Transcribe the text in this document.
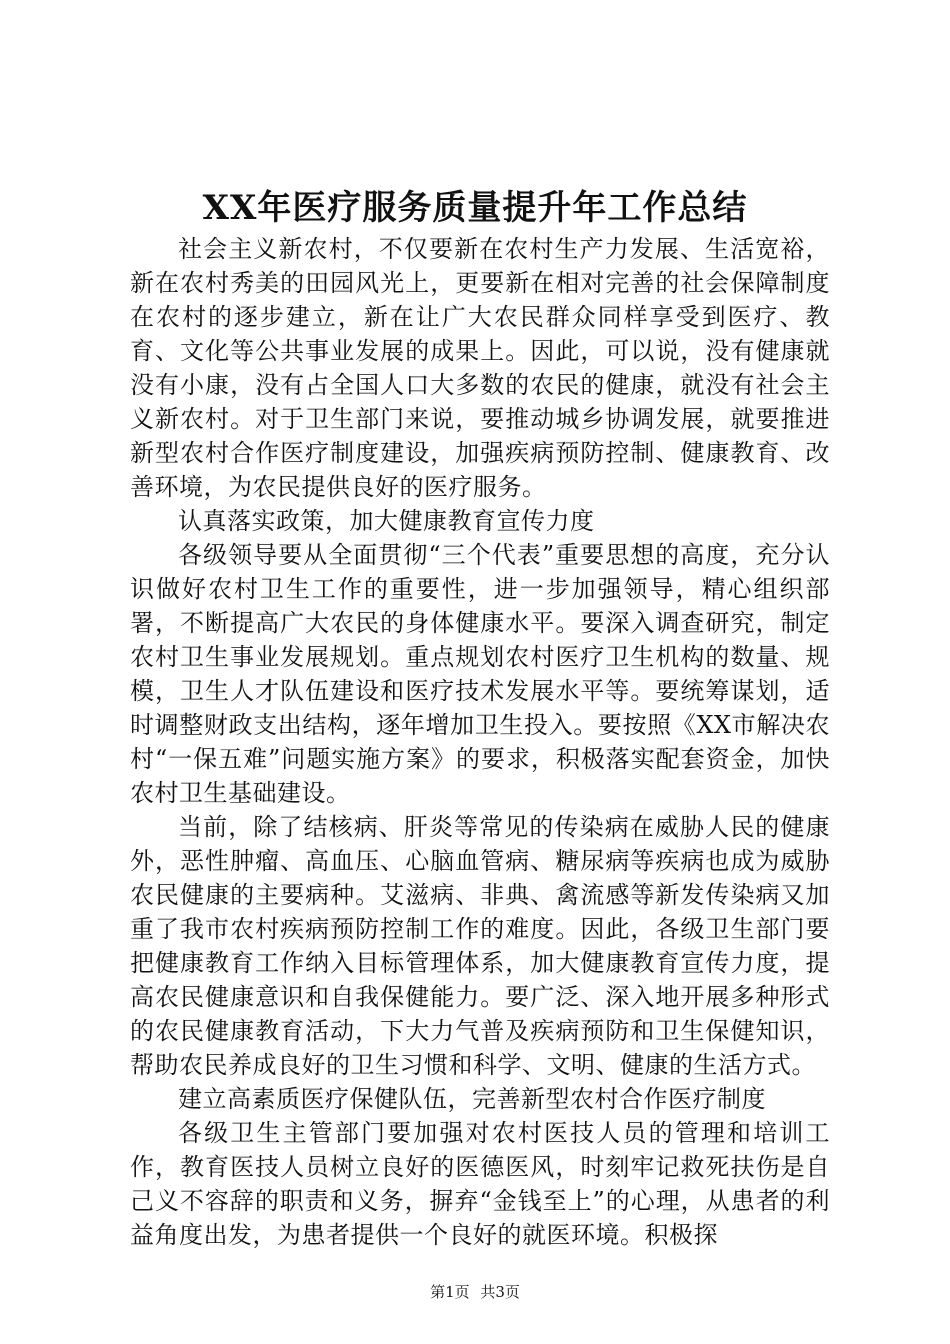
XX年医疗服务质量提升年工作总结

社会主义新农村，不仅要新在农村生产力发展、生活宽裕，新在农村秀美的田园风光上，更要新在相对完善的社会保障制度在农村的逐步建立，新在让广大农民群众同样享受到医疗、教育、文化等公共事业发展的成果上。因此，可以说，没有健康就没有小康，没有占全国人口大多数的农民的健康，就没有社会主义新农村。对于卫生部门来说，要推动城乡协调发展，就要推进新型农村合作医疗制度建设，加强疾病预防控制、健康教育、改善环境，为农民提供良好的医疗服务。

认真落实政策，加大健康教育宣传力度

各级领导要从全面贯彻“三个代表”重要思想的高度，充分认识做好农村卫生工作的重要性，进一步加强领导，精心组织部署，不断提高广大农民的身体健康水平。要深入调查研究，制定农村卫生事业发展规划。重点规划农村医疗卫生机构的数量、规模，卫生人才队伍建设和医疗技术发展水平等。要统筹谋划，适时调整财政支出结构，逐年增加卫生投入。要按照《XX市解决农村“一保五难”问题实施方案》的要求，积极落实配套资金，加快农村卫生基础建设。

当前，除了结核病、肝炎等常见的传染病在威胁人民的健康外，恶性肿瘤、高血压、心脑血管病、糖尿病等疾病也成为威胁农民健康的主要病种。艾滋病、非典、禽流感等新发传染病又加重了我市农村疾病预防控制工作的难度。因此，各级卫生部门要把健康教育工作纳入目标管理体系，加大健康教育宣传力度，提高农民健康意识和自我保健能力。要广泛、深入地开展多种形式的农民健康教育活动，下大力气普及疾病预防和卫生保健知识，帮助农民养成良好的卫生习惯和科学、文明、健康的生活方式。

建立高素质医疗保健队伍，完善新型农村合作医疗制度

各级卫生主管部门要加强对农村医技人员的管理和培训工作，教育医技人员树立良好的医德医风，时刻牢记救死扶伤是自己义不容辞的职责和义务，摒弃“金钱至上”的心理，从患者的利益角度出发，为患者提供一个良好的就医环境。积极探

第1页 共3页
